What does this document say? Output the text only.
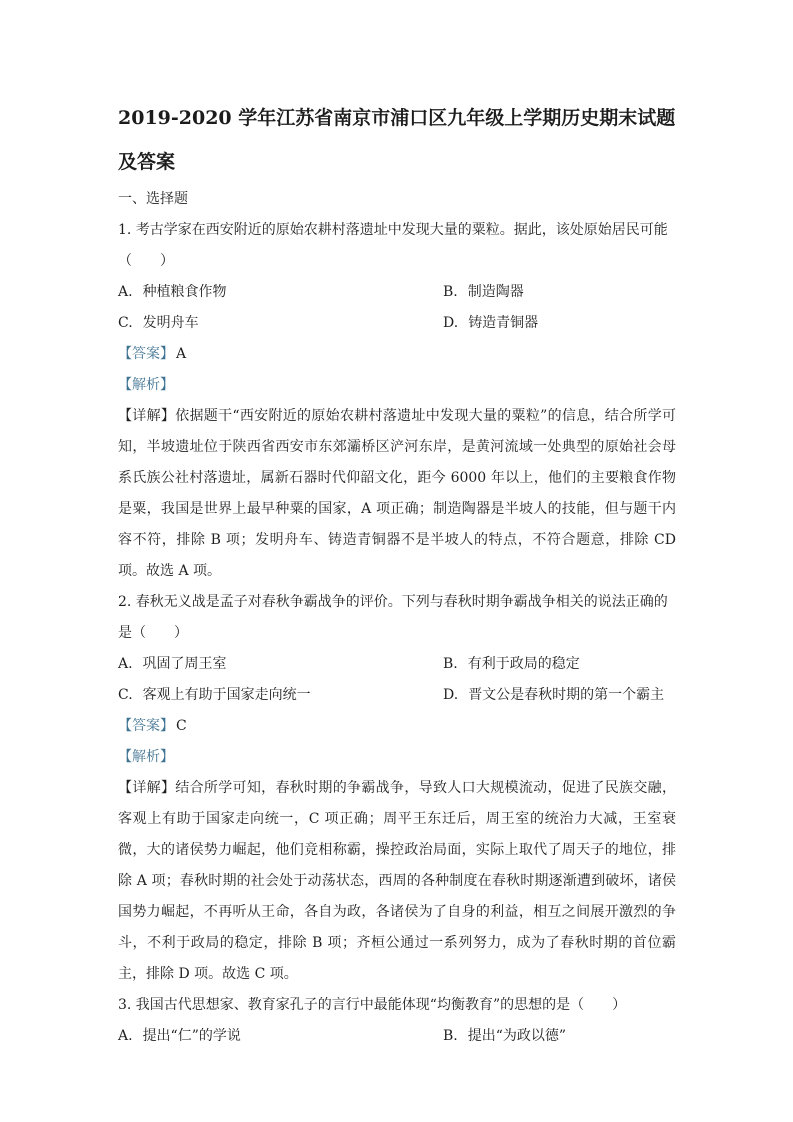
2019-2020 学年江苏省南京市浦口区九年级上学期历史期末试题及答案
一、选择题

1. 考古学家在西安附近的原始农耕村落遗址中发现大量的粟粒。据此，该处原始居民可能（　　）

A. 种植粮食作物	B. 制造陶器
C. 发明舟车	D. 铸造青铜器

【答案】 A

【解析】

【详解】依据题干“西安附近的原始农耕村落遗址中发现大量的粟粒”的信息，结合所学可知，半坡遗址位于陕西省西安市东郊灞桥区浐河东岸，是黄河流域一处典型的原始社会母系氏族公社村落遗址，属新石器时代仰韶文化，距今 6000 年以上，他们的主要粮食作物是粟，我国是世界上最早种粟的国家，A 项正确；制造陶器是半坡人的技能，但与题干内容不符，排除 B 项；发明舟车、铸造青铜器不是半坡人的特点，不符合题意，排除 CD 项。故选 A 项。

2. 春秋无义战是孟子对春秋争霸战争的评价。下列与春秋时期争霸战争相关的说法正确的是（　　）

A. 巩固了周王室	B. 有利于政局的稳定
C. 客观上有助于国家走向统一	D. 晋文公是春秋时期的第一个霸主

【答案】 C

【解析】

【详解】结合所学可知，春秋时期的争霸战争，导致人口大规模流动，促进了民族交融，客观上有助于国家走向统一，C 项正确；周平王东迁后，周王室的统治力大减，王室衰微，大的诸侯势力崛起，他们竞相称霸，操控政治局面，实际上取代了周天子的地位，排除 A 项；春秋时期的社会处于动荡状态，西周的各种制度在春秋时期逐渐遭到破坏，诸侯国势力崛起，不再听从王命，各自为政，各诸侯为了自身的利益，相互之间展开激烈的争斗，不利于政局的稳定，排除 B 项；齐桓公通过一系列努力，成为了春秋时期的首位霸主，排除 D 项。故选 C 项。

3. 我国古代思想家、教育家孔子的言行中最能体现“均衡教育”的思想的是（　　）

A. 提出“仁”的学说	B. 提出“为政以德”
